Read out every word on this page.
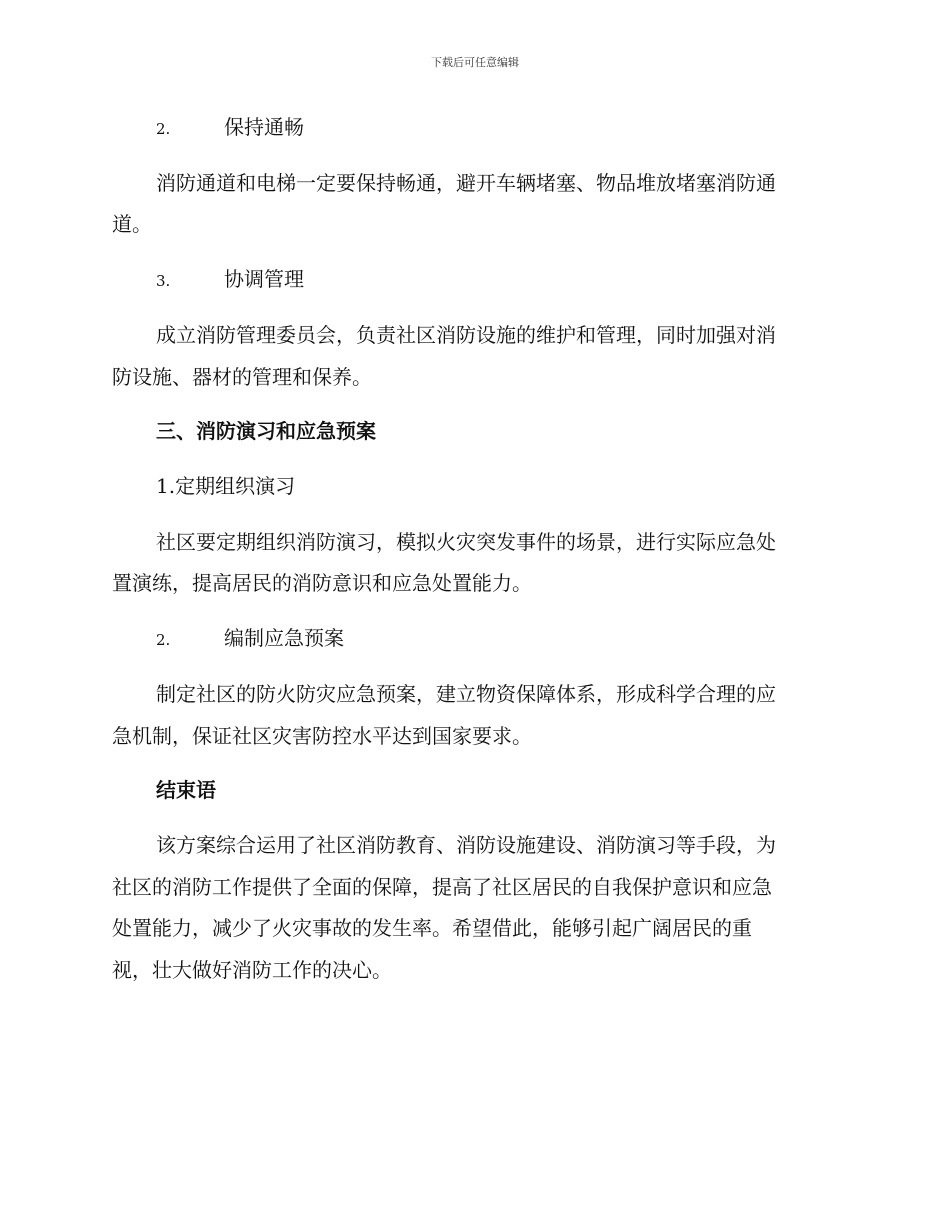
下载后可任意编辑
2.	保持通畅
消防通道和电梯一定要保持畅通，避开车辆堵塞、物品堆放堵塞消防通
道。
3.	协调管理
成立消防管理委员会，负责社区消防设施的维护和管理，同时加强对消
防设施、器材的管理和保养。
三、消防演习和应急预案
1.定期组织演习
社区要定期组织消防演习，模拟火灾突发事件的场景，进行实际应急处
置演练，提高居民的消防意识和应急处置能力。
2.	编制应急预案
制定社区的防火防灾应急预案，建立物资保障体系，形成科学合理的应
急机制，保证社区灾害防控水平达到国家要求。
结束语
该方案综合运用了社区消防教育、消防设施建设、消防演习等手段，为
社区的消防工作提供了全面的保障，提高了社区居民的自我保护意识和应急
处置能力，减少了火灾事故的发生率。希望借此，能够引起广阔居民的重
视，壮大做好消防工作的决心。
